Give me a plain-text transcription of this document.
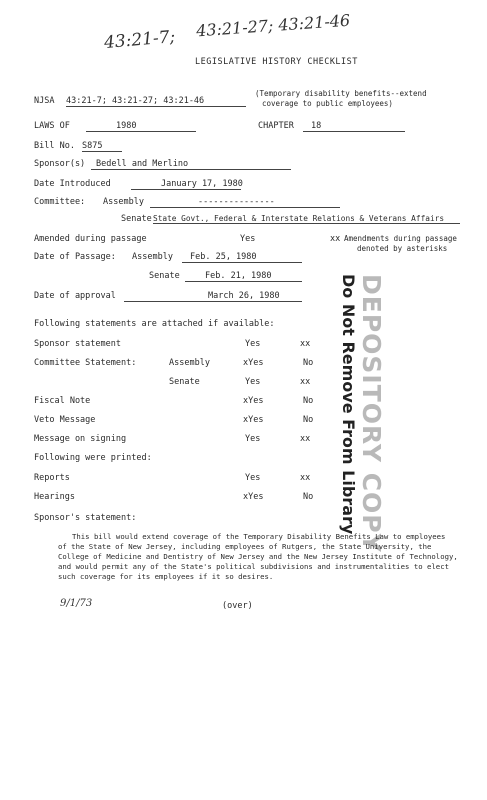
43:21-7; 43:21-27; 43:21-46
LEGISLATIVE HISTORY CHECKLIST
NJSA 43:21-7; 43:21-27; 43:21-46
(Temporary disability benefits--extend
coverage to public employees)
LAWS OF	1980	CHAPTER	18
Bill No. S875
Sponsor(s)	Bedell and Merlino
Date Introduced	January 17, 1980
Committee: Assembly	---------------
Senate State Govt., Federal & Interstate Relations & Veterans Affairs
Amended during passage	Yes	xx Amendments during passage
denoted by asterisks
Date of Passage: Assembly	Feb. 25, 1980
Senate	Feb. 21, 1980
Date of approval	March 26, 1980
Following statements are attached if available:
Sponsor statement	Yes	xx
Committee Statement:	Assembly	xYes	No
Senate	Yes	xx
Fiscal Note	xYes	No
Veto Message	xYes	No
Message on signing	Yes	xx
Following were printed:
Reports	Yes	xx
Hearings	xYes	No DEPOSITORY COPY
Do Not Remove From Library
Sponsor's statement:
This bill would extend coverage of the Temporary Disability Benefits Law to employees of the State of New Jersey, including employees of Rutgers, the State University, the College of Medicine and Dentistry of New Jersey and the New Jersey Institute of Technology, and would permit any of the State's political subdivisions and instrumentalities to elect such coverage for its employees if it so desires.
9/1/73	(over)
